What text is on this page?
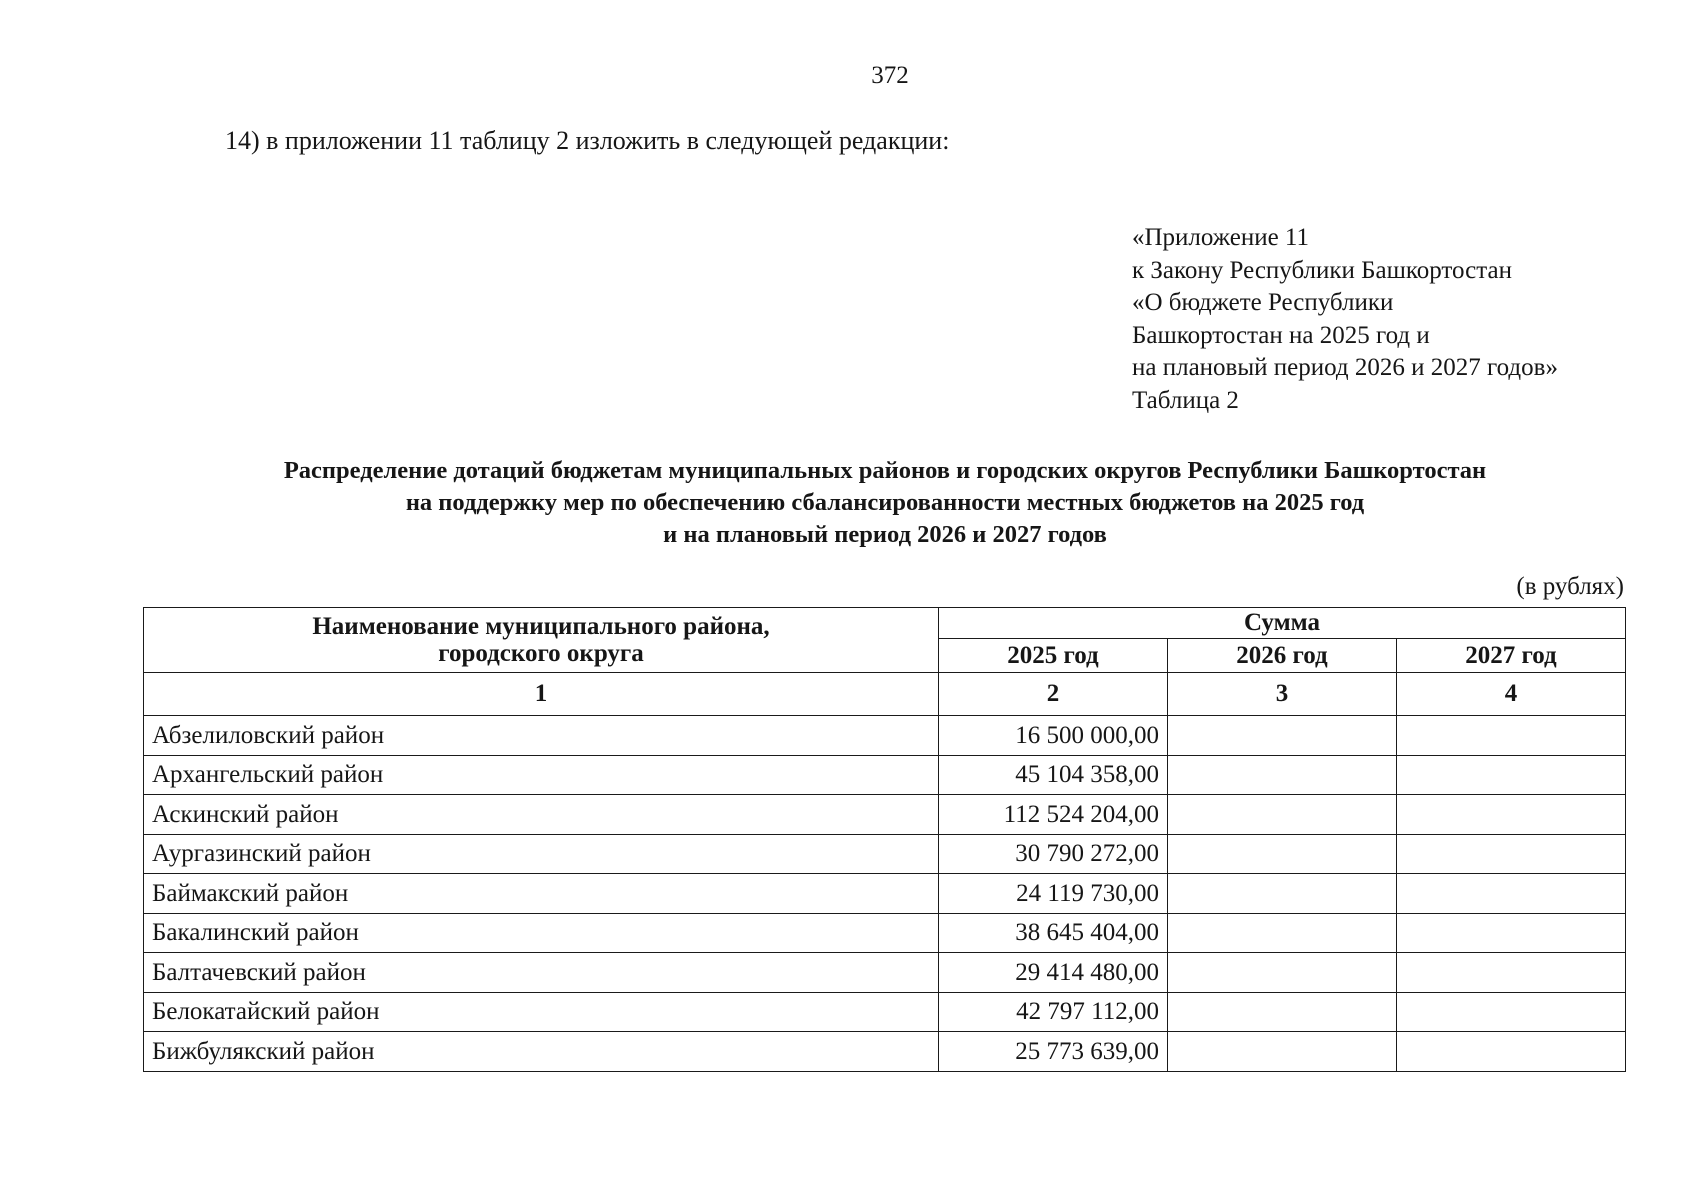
372
14) в приложении 11 таблицу 2 изложить в следующей редакции:
«Приложение 11
к Закону Республики Башкортостан
«О бюджете Республики
Башкортостан на 2025 год и
на плановый период 2026 и 2027 годов»
Таблица 2
Распределение дотаций бюджетам муниципальных районов и городских округов Республики Башкортостан
на поддержку мер по обеспечению сбалансированности местных бюджетов на 2025 год
и на плановый период 2026 и 2027 годов
(в рублях)
Наименование муниципального района,
городского округа	Сумма		
	2025 год	2026 год	2027 год
1	2	3	4
Абзелиловский район	16 500 000,00		
Архангельский район	45 104 358,00		
Аскинский район	112 524 204,00		
Аургазинский район	30 790 272,00		
Баймакский район	24 119 730,00		
Бакалинский район	38 645 404,00		
Балтачевский район	29 414 480,00		
Белокатайский район	42 797 112,00		
Бижбулякский район	25 773 639,00		
